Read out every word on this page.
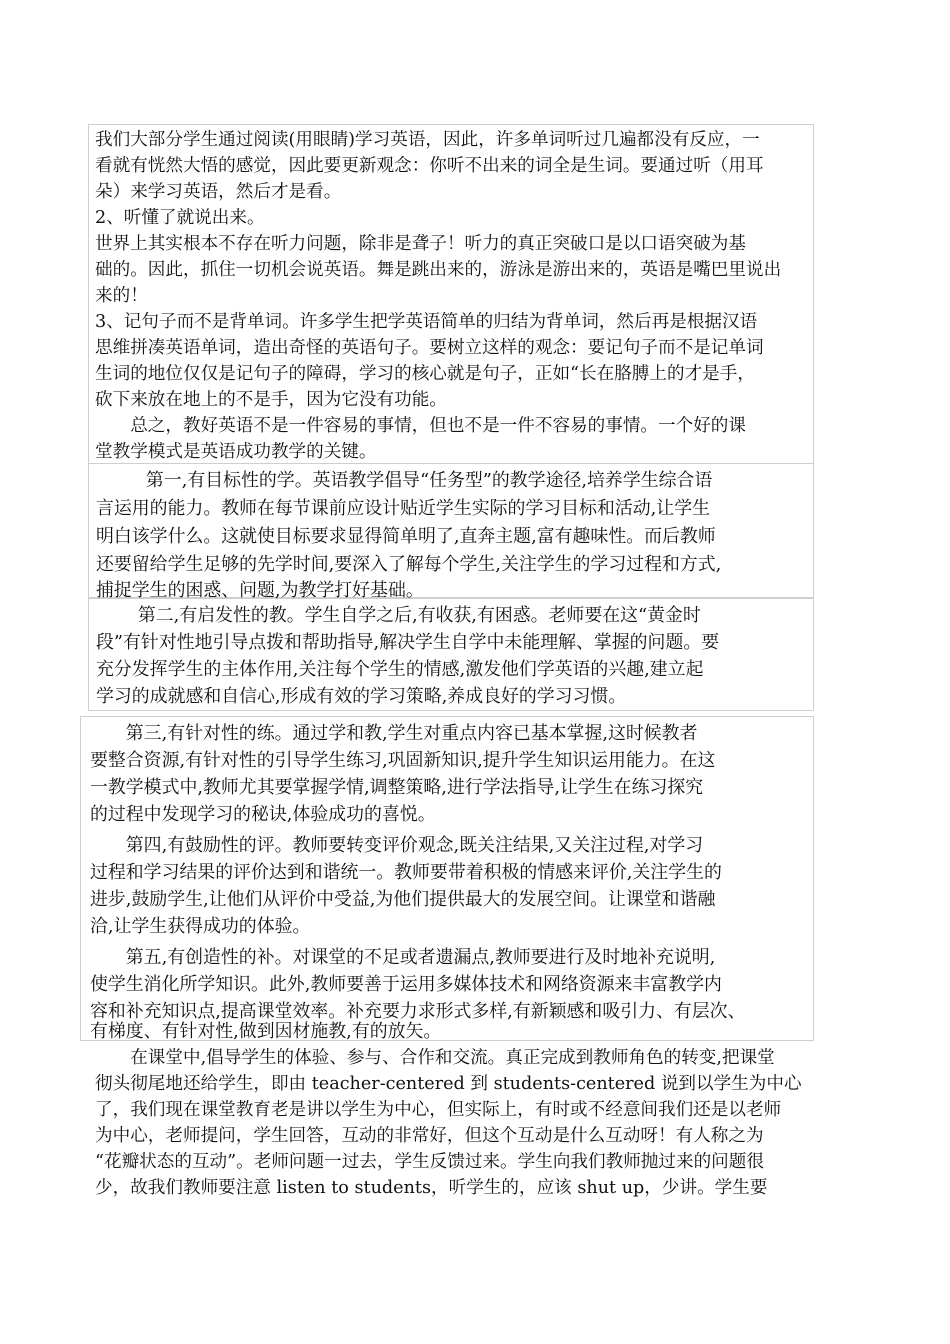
我们大部分学生通过阅读(用眼睛)学习英语，因此，许多单词听过几遍都没有反应，一
看就有恍然大悟的感觉，因此要更新观念：你听不出来的词全是生词。要通过听（用耳
朵）来学习英语，然后才是看。
2、听懂了就说出来。
世界上其实根本不存在听力问题，除非是聋子！听力的真正突破口是以口语突破为基
础的。因此，抓住一切机会说英语。舞是跳出来的，游泳是游出来的，英语是嘴巴里说出
来的！
3、记句子而不是背单词。许多学生把学英语简单的归结为背单词，然后再是根据汉语
思维拼凑英语单词，造出奇怪的英语句子。要树立这样的观念：要记句子而不是记单词
生词的地位仅仅是记句子的障碍，学习的核心就是句子，正如“长在胳膊上的才是手，
砍下来放在地上的不是手，因为它没有功能。
　　总之，教好英语不是一件容易的事情，但也不是一件不容易的事情。一个好的课
堂教学模式是英语成功教学的关键。
　第一,有目标性的学。英语教学倡导“任务型”的教学途径,培养学生综合语
言运用的能力。教师在每节课前应设计贴近学生实际的学习目标和活动,让学生
明白该学什么。这就使目标要求显得简单明了,直奔主题,富有趣味性。而后教师
还要留给学生足够的先学时间,要深入了解每个学生,关注学生的学习过程和方式,
捕捉学生的困惑、问题,为教学打好基础。
　第二,有启发性的教。学生自学之后,有收获,有困惑。老师要在这“黄金时
段”有针对性地引导点拨和帮助指导,解决学生自学中未能理解、掌握的问题。要
充分发挥学生的主体作用,关注每个学生的情感,激发他们学英语的兴趣,建立起
学习的成就感和自信心,形成有效的学习策略,养成良好的学习习惯。
　　第三,有针对性的练。通过学和教,学生对重点内容已基本掌握,这时候教者
要整合资源,有针对性的引导学生练习,巩固新知识,提升学生知识运用能力。在这
一教学模式中,教师尤其要掌握学情,调整策略,进行学法指导,让学生在练习探究
的过程中发现学习的秘诀,体验成功的喜悦。
　　第四,有鼓励性的评。教师要转变评价观念,既关注结果,又关注过程,对学习
过程和学习结果的评价达到和谐统一。教师要带着积极的情感来评价,关注学生的
进步,鼓励学生,让他们从评价中受益,为他们提供最大的发展空间。让课堂和谐融
洽,让学生获得成功的体验。
　　第五,有创造性的补。对课堂的不足或者遗漏点,教师要进行及时地补充说明,
使学生消化所学知识。此外,教师要善于运用多媒体技术和网络资源来丰富教学内
容和补充知识点,提高课堂效率。补充要力求形式多样,有新颖感和吸引力、有层次、
有梯度、有针对性,做到因材施教,有的放矢。
　　在课堂中,倡导学生的体验、参与、合作和交流。真正完成到教师角色的转变,把课堂
彻头彻尾地还给学生，即由 teacher-centered 到 students-centered 说到以学生为中心
了，我们现在课堂教育老是讲以学生为中心，但实际上，有时或不经意间我们还是以老师
为中心，老师提问，学生回答，互动的非常好，但这个互动是什么互动呀！有人称之为
“花瓣状态的互动”。老师问题一过去，学生反馈过来。学生向我们教师抛过来的问题很
少，故我们教师要注意 listen to students，听学生的，应该 shut up，少讲。学生要
